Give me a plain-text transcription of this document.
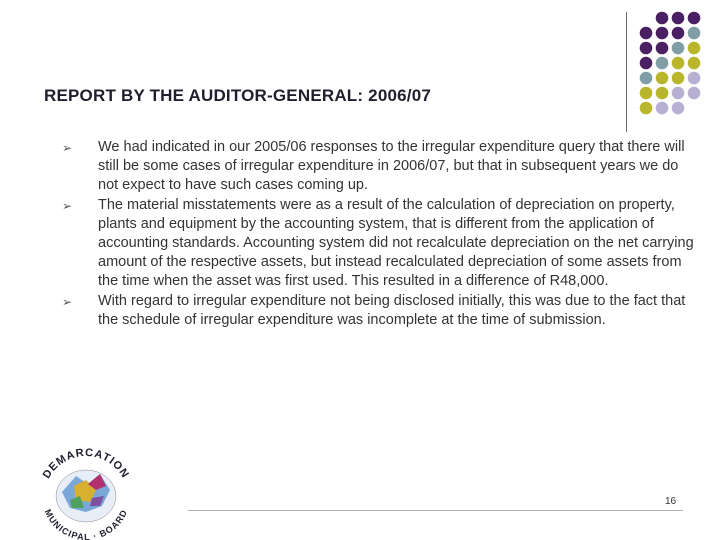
REPORT BY THE AUDITOR-GENERAL: 2006/07
➢ We had indicated in our 2005/06 responses to the irregular expenditure query that there will still be some cases of irregular expenditure in 2006/07, but that in subsequent years we do not expect to have such cases coming up.
➢ The material misstatements were as a result of the calculation of depreciation on property, plants and equipment by the accounting system, that is different from the application of accounting standards. Accounting system did not recalculate depreciation on the net carrying amount of the respective assets, but instead recalculated depreciation of some assets from the time when the asset was first used. This resulted in a difference of R48,000.
➢ With regard to irregular expenditure not being disclosed initially, this was due to the fact that the schedule of irregular expenditure was incomplete at the time of submission.
DEMARCATION
MUNICIPAL · BOARD
16
